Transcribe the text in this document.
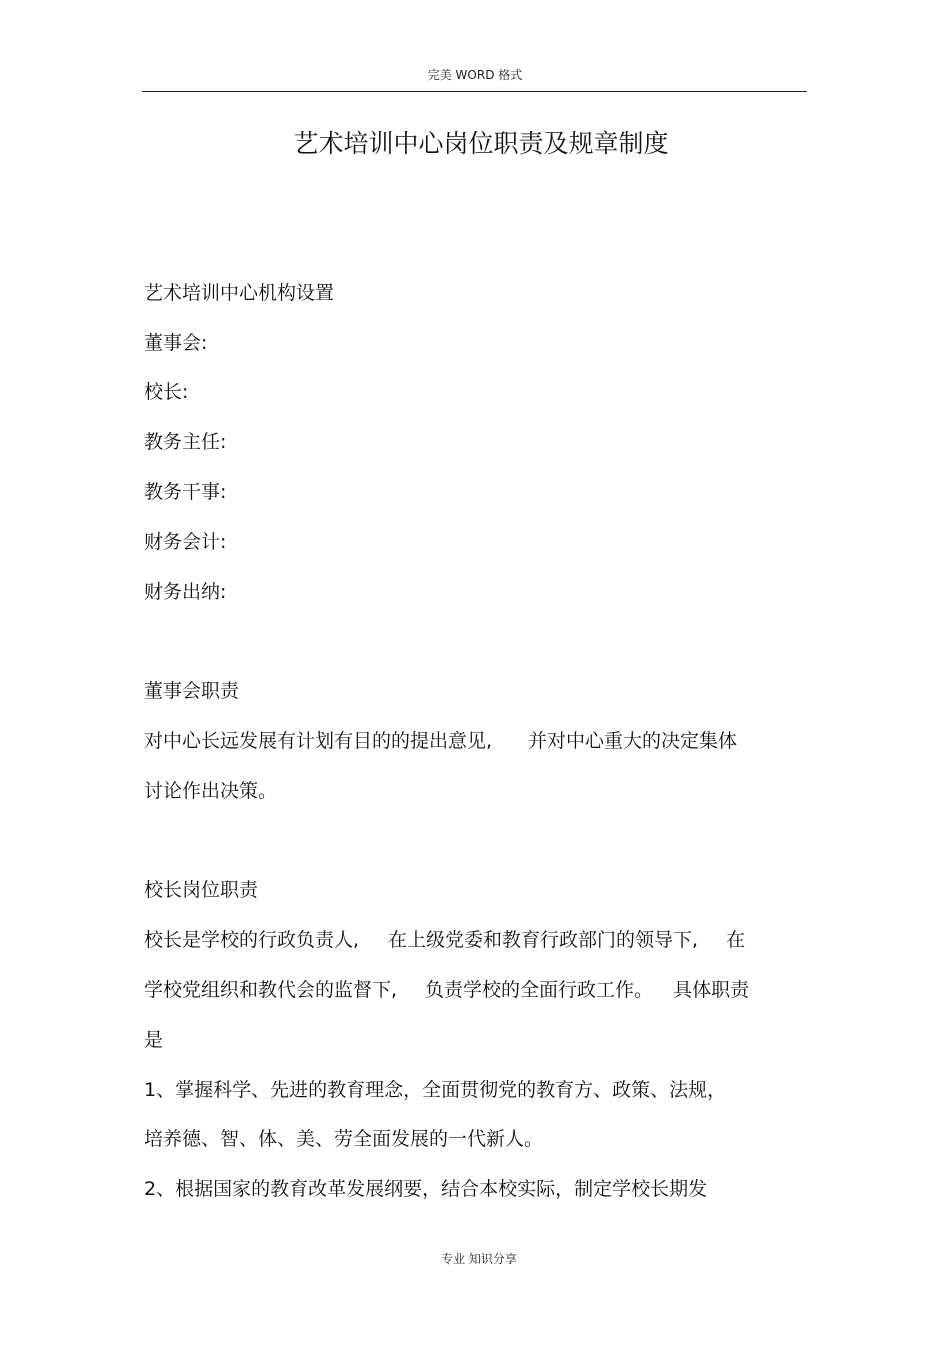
完美 WORD 格式
艺术培训中心岗位职责及规章制度
艺术培训中心机构设置
董事会:
校长:
教务主任:
教务干事:
财务会计:
财务出纳:
董事会职责
对中心长远发展有计划有目的的提出意见, 并对中心重大的决定集体
讨论作出决策。
校长岗位职责
校长是学校的行政负责人, 在上级党委和教育行政部门的领导下, 在
学校党组织和教代会的监督下, 负责学校的全面行政工作。 具体职责
是
1、掌握科学、先进的教育理念，全面贯彻党的教育方、政策、法规，
培养德、智、体、美、劳全面发展的一代新人。
2、根据国家的教育改革发展纲要，结合本校实际，制定学校长期发
专业 知识分享
